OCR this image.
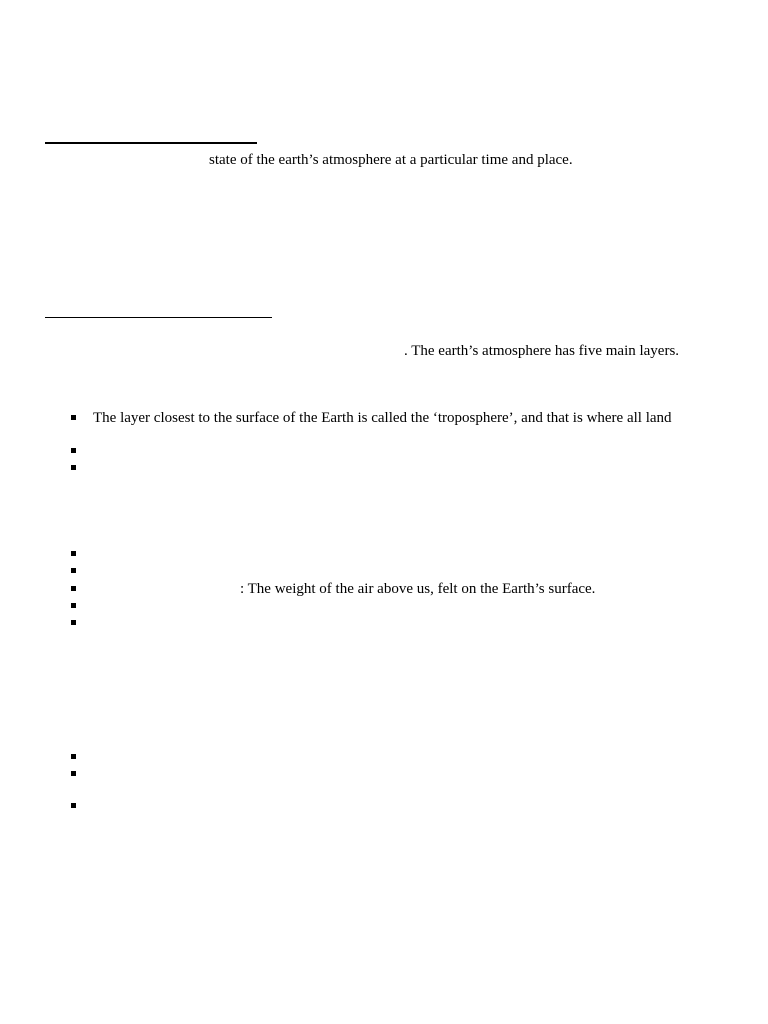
state of the earth’s atmosphere at a particular time and place.
. The earth’s atmosphere has five main layers.
The layer closest to the surface of the Earth is called the ‘troposphere’, and that is where all land
: The weight of the air above us, felt on the Earth’s surface.
